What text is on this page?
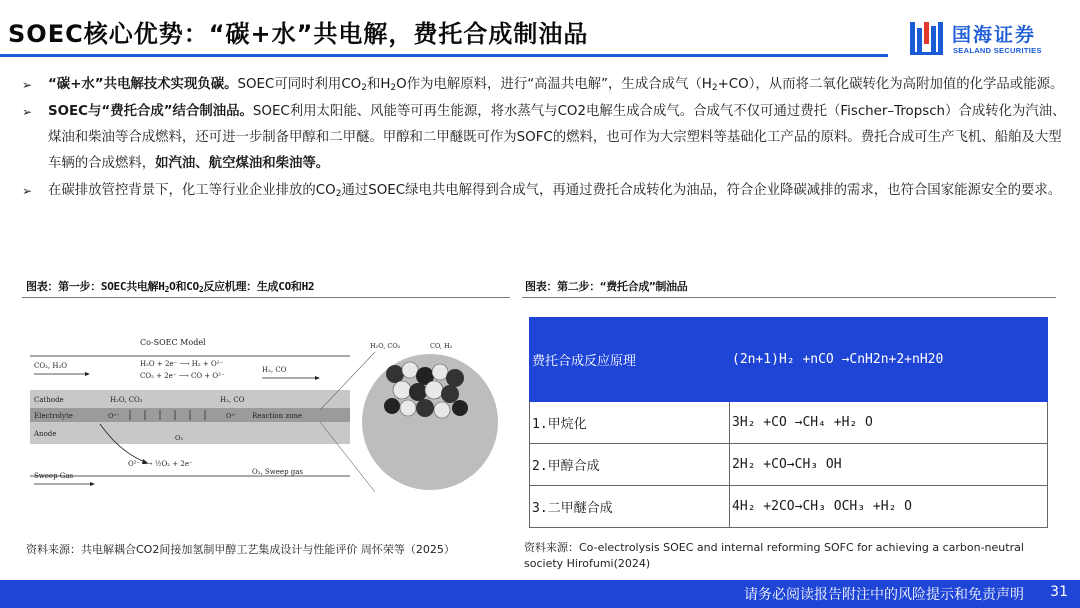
SOEC核心优势：“碳+水”共电解，费托合成制油品	国海证券
SEALAND SECURITIES
➢ “碳+水”共电解技术实现负碳。SOEC可同时利用$CO_2$和$H_2O$作为电解原料，进行“高温共电解”，生成合成气$(H_2+CO)$，从而将二氧化碳转化为高附加值的化学品或能源。
➢ SOEC与“费托合成”结合制油品。SOEC利用太阳能、风能等可再生能源，将水蒸气与CO2电解生成合成气。合成气不仅可通过费托（Fischer–Tropsch）合成转化为汽油、煤油和柴油等合成燃料，还可进一步制备甲醇和二甲醚。甲醇和二甲醚既可作为SOFC的燃料，也可作为大宗塑料等基础化工产品的原料。费托合成可生产飞机、船舶及大型车辆的合成燃料，如汽油、航空煤油和柴油等。
➢ 在碳排放管控背景下，化工等行业企业排放的$CO_2$通过SOEC绿电共电解得到合成气，再通过费托合成转化为油品，符合企业降碳减排的需求，也符合国家能源安全的要求。
图表：第一步：SOEC共电解$H_2O$和$CO_2$反应机理：生成CO和H2
Co-SOEC Model
CO₂, H₂O	H₂O + 2e⁻ ⟶ H₂ + O²⁻
CO₂ + 2e⁻ ⟶ CO + O²⁻
H₂, CO
Cathode	H₂O, CO₂	H₂, CO
Electrolyte	O²⁻	O²⁻ Reaction zone
Anode	O₂
O²⁻ ⟶ ½O₂ + 2e⁻
Sweep Gas	O₂, Sweep gas
H₂O, CO₂	CO, H₂
资料来源：共电解耦合CO2间接加氢制甲醇工艺集成设计与性能评价 周怀荣等（2025）
图表：第二步：“费托合成”制油品
费托合成反应原理	(2n+1)H₂ +nCO →CnH2n+2+nH20
1.甲烷化	3H₂ +CO →CH₄ +H₂ O
2.甲醇合成	2H₂ +CO→CH₃ OH
3.二甲醚合成	4H₂ +2CO→CH₃ OCH₃ +H₂ O
资料来源：Co-electrolysis SOEC and internal reforming SOFC for achieving a carbon-neutral society Hirofumi(2024)
请务必阅读报告附注中的风险提示和免责声明 31
